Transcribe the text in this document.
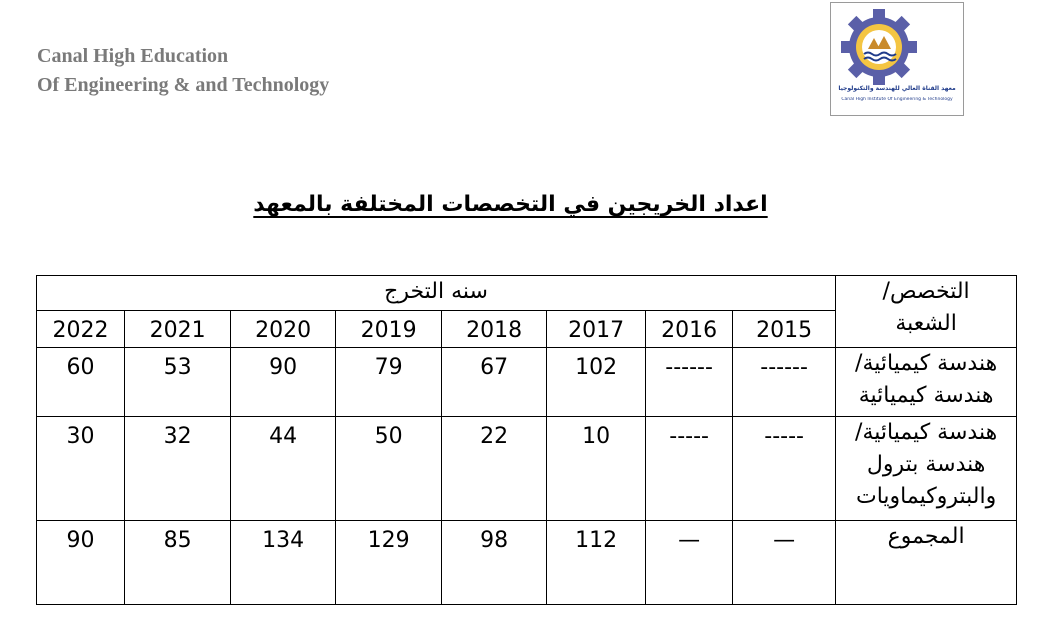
Canal High Education
Of Engineering & and Technology	معهد القناة العالي للهندسة والتكنولوجيا
Canal High Institute Of Engineering & Technology
اعداد الخريجين في التخصصات المختلفة بالمعهد
التخصص/
الشعبة	سنه التخرج							

	2015	2016	2017	2018	2019	2020	2021	2022

هندسة كيميائية/
هندسة كيميائية	------	------	102	67	79	90	53	60

هندسة كيميائية/
هندسة بترول
والبتروكيماويات	-----	-----	10	22	50	44	32	30

المجموع	—	—	112	98	129	134	85	90
